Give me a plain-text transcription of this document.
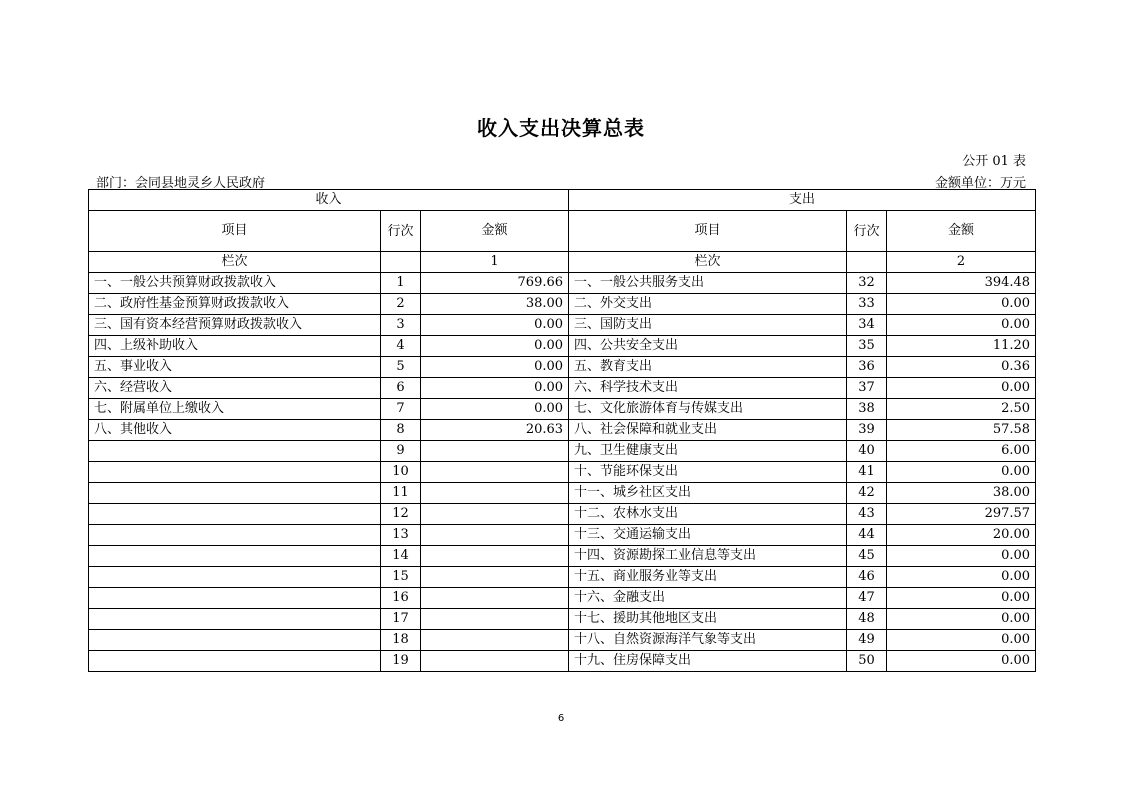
收入支出决算总表
公开 01 表
部门：会同县地灵乡人民政府	金额单位：万元
收入			支出		
项目	行次	金额	项目	行次	金额
栏次		1	栏次		2
一、一般公共预算财政拨款收入	1	769.66	一、一般公共服务支出	32	394.48
二、政府性基金预算财政拨款收入	2	38.00	二、外交支出	33	0.00
三、国有资本经营预算财政拨款收入	3	0.00	三、国防支出	34	0.00
四、上级补助收入	4	0.00	四、公共安全支出	35	11.20
五、事业收入	5	0.00	五、教育支出	36	0.36
六、经营收入	6	0.00	六、科学技术支出	37	0.00
七、附属单位上缴收入	7	0.00	七、文化旅游体育与传媒支出	38	2.50
八、其他收入	8	20.63	八、社会保障和就业支出	39	57.58
	9		九、卫生健康支出	40	6.00
	10		十、节能环保支出	41	0.00
	11		十一、城乡社区支出	42	38.00
	12		十二、农林水支出	43	297.57
	13		十三、交通运输支出	44	20.00
	14		十四、资源勘探工业信息等支出	45	0.00
	15		十五、商业服务业等支出	46	0.00
	16		十六、金融支出	47	0.00
	17		十七、援助其他地区支出	48	0.00
	18		十八、自然资源海洋气象等支出	49	0.00
	19		十九、住房保障支出	50	0.00
6
